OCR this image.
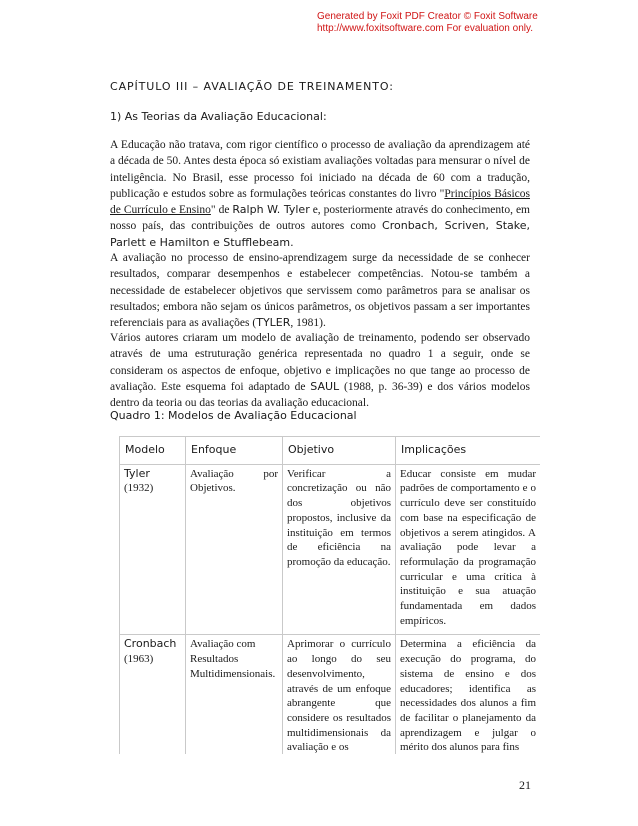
Generated by Foxit PDF Creator © Foxit Software
http://www.foxitsoftware.com For evaluation only.
CAPÍTULO III – AVALIAÇÃO DE TREINAMENTO:
1) As Teorias da Avaliação Educacional:

A Educação não tratava, com rigor científico o processo de avaliação da aprendizagem até a década de 50. Antes desta época só existiam avaliações voltadas para mensurar o nível de inteligência. No Brasil, esse processo foi iniciado na década de 60 com a tradução, publicação e estudos sobre as formulações teóricas constantes do livro "Princípios Básicos de Currículo e Ensino" de Ralph W. Tyler e, posteriormente através do conhecimento, em nosso país, das contribuições de outros autores como Cronbach, Scriven, Stake, Parlett e Hamilton e Stufflebeam.

A avaliação no processo de ensino-aprendizagem surge da necessidade de se conhecer resultados, comparar desempenhos e estabelecer competências. Notou-se também a necessidade de estabelecer objetivos que servissem como parâmetros para se analisar os resultados; embora não sejam os únicos parâmetros, os objetivos passam a ser importantes referenciais para as avaliações (TYLER, 1981).

Vários autores criaram um modelo de avaliação de treinamento, podendo ser observado através de uma estruturação genérica representada no quadro 1 a seguir, onde se consideram os aspectos de enfoque, objetivo e implicações no que tange ao processo de avaliação. Este esquema foi adaptado de SAUL (1988, p. 36-39) e dos vários modelos dentro da teoria ou das teorias da avaliação educacional.

Quadro 1: Modelos de Avaliação Educacional
Modelo	Enfoque	Objetivo	Implicações

Tyler
(1932)	Avaliação por Objetivos.	Verificar a concretização ou não dos objetivos propostos, inclusive da instituição em termos de eficiência na promoção da educação.	Educar consiste em mudar padrões de comportamento e o currículo deve ser constituído com base na especificação de objetivos a serem atingidos. A avaliação pode levar a reformulação da programação curricular e uma crítica à instituição e sua atuação fundamentada em dados empíricos.

Cronbach
(1963)	Avaliação com Resultados Multidimensionais.	Aprimorar o currículo ao longo do seu desenvolvimento, através de um enfoque abrangente que considere os resultados multidimensionais da avaliação e os	Determina a eficiência da execução do programa, do sistema de ensino e dos educadores; identifica as necessidades dos alunos a fim de facilitar o planejamento da aprendizagem e julgar o mérito dos alunos para fins
21
